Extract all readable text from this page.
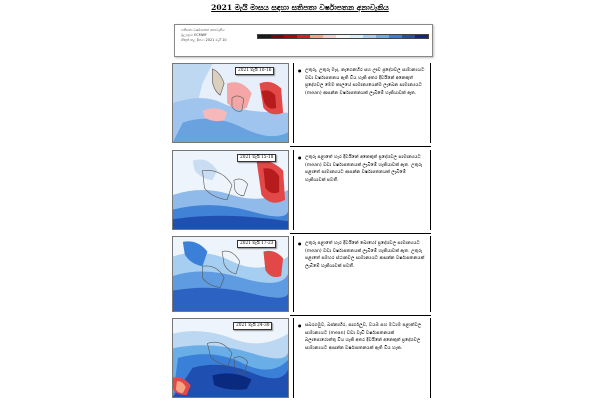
2021 මැයි මාසය සඳහා සතිපතා වර්ෂාපතන අනාවැකිය
සතිපතා වර්ෂාපතන අනාවැකිය
මූලාශ්‍රය: ECMWF
නිකුත් කළ දිනය: 2021 මැයි 10
2021 මැයි 10-16	● උතුරු, උතුරු මැද, නැගෙනහිර සහ ඌව ප්‍රදේශවල සාමාන්‍යයට වඩා වර්ෂාපතනය ඇති විය හැකි අතර දිවයිනේ අනෙකුත් ප්‍රදේශවල මෙම කාලයේ සාමාන්‍යයෙන්ම ලැබෙන සාමාන්‍යයට (mean) ආසන්න වර්ෂාපතනයක් ලැබීමේ හැකියාවක් ඇත.
2021 මැයි 15-18	● උතුරු පළාතේ හැර දිවයිනේ අනෙකුත් ප්‍රදේශවල සාමාන්‍යයට (mean) වඩා වර්ෂාපතනයක් ලැබීමේ හැකියාවක් ඇත. උතුරු පළාතේ සාමාන්‍යයට ආසන්න වර්ෂාපතනයක් ලැබීමේ හැකියාවක් පවතී.
2021 මැයි 17-23	● උතුරු පළාතේ හැර දිවයිනේ බොහෝ ප්‍රදේශවල සාමාන්‍යයට (mean) වඩා වර්ෂාපතනයක් ලැබීමේ හැකියාවක් ඇත. උතුරු පළාතේ සමහර ස්ථානවල සාමාන්‍යයට ආසන්න වර්ෂාපතනයක් ලැබීමේ හැකියාවක් පවතී.
2021 මැයි 24-30	● සබරගමුව, බස්නාහිර, සාර්ගලුව, වයඹ සහ මධ්‍යම පළාත්වල සාමාන්‍යයට (mean) වඩා වැඩි වර්ෂාපතනයක් බලාපොරොත්තු විය හැකි අතර දිවයිනේ අනෙකුත් ප්‍රදේශවල සාමාන්‍යයට ආසන්න වර්ෂාපතනයක් ඇති විය හැක.
